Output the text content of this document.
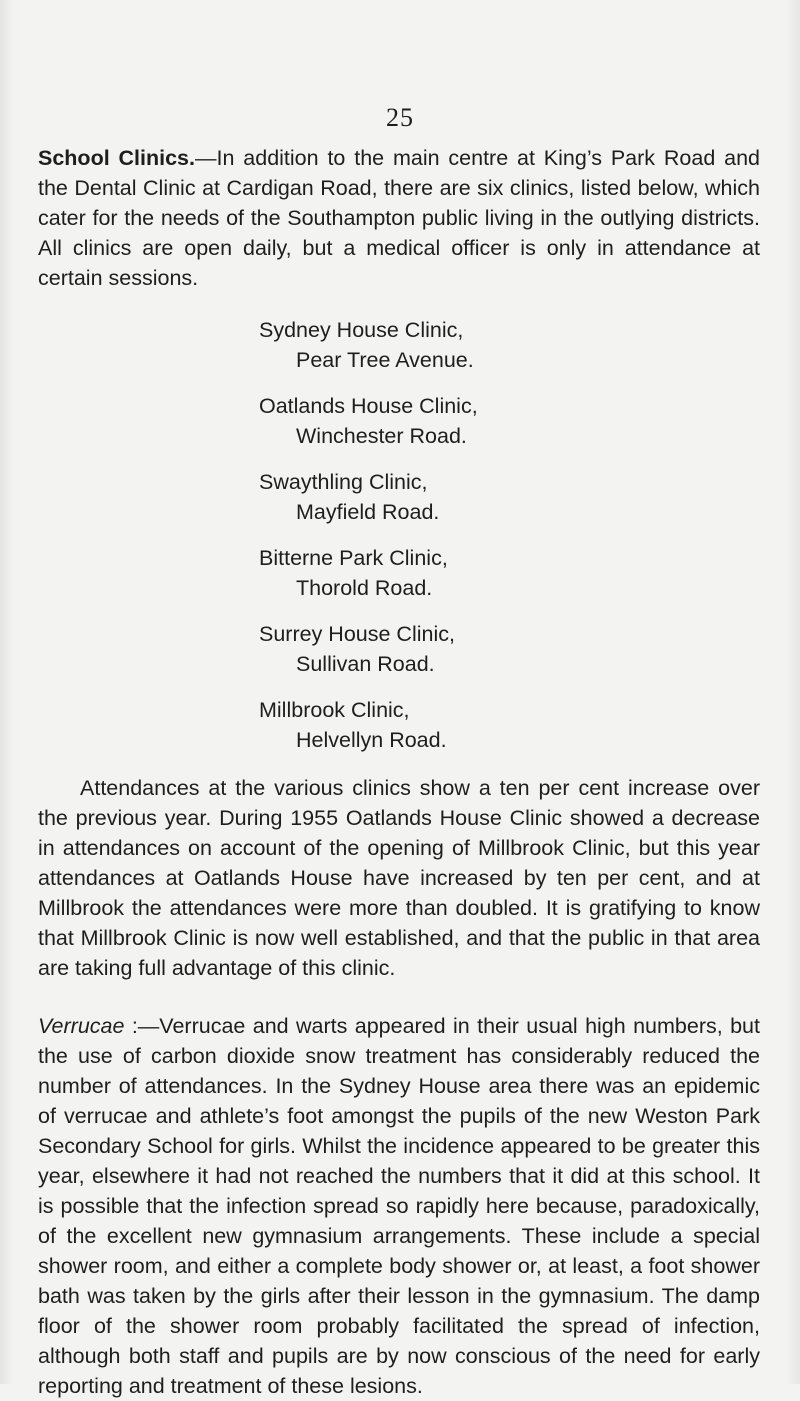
25

School Clinics.—In addition to the main centre at King’s Park Road and the Dental Clinic at Cardigan Road, there are six clinics, listed below, which cater for the needs of the Southampton public living in the outlying districts. All clinics are open daily, but a medical officer is only in attendance at certain sessions.

Sydney House Clinic,
Pear Tree Avenue.
Oatlands House Clinic,
Winchester Road.
Swaythling Clinic,
Mayfield Road.
Bitterne Park Clinic,
Thorold Road.
Surrey House Clinic,
Sullivan Road.
Millbrook Clinic,
Helvellyn Road.

Attendances at the various clinics show a ten per cent increase over the previous year. During 1955 Oatlands House Clinic showed a decrease in attendances on account of the opening of Millbrook Clinic, but this year attendances at Oatlands House have increased by ten per cent, and at Millbrook the attendances were more than doubled. It is gratifying to know that Millbrook Clinic is now well established, and that the public in that area are taking full advantage of this clinic.

Verrucae :—Verrucae and warts appeared in their usual high numbers, but the use of carbon dioxide snow treatment has considerably reduced the number of attendances. In the Sydney House area there was an epidemic of verrucae and athlete’s foot amongst the pupils of the new Weston Park Secondary School for girls. Whilst the incidence appeared to be greater this year, elsewhere it had not reached the numbers that it did at this school. It is possible that the infection spread so rapidly here because, paradoxically, of the excellent new gymnasium arrangements. These include a special shower room, and either a complete body shower or, at least, a foot shower bath was taken by the girls after their lesson in the gymnasium. The damp floor of the shower room probably facilitated the spread of infection, although both staff and pupils are by now conscious of the need for early reporting and treatment of these lesions.
